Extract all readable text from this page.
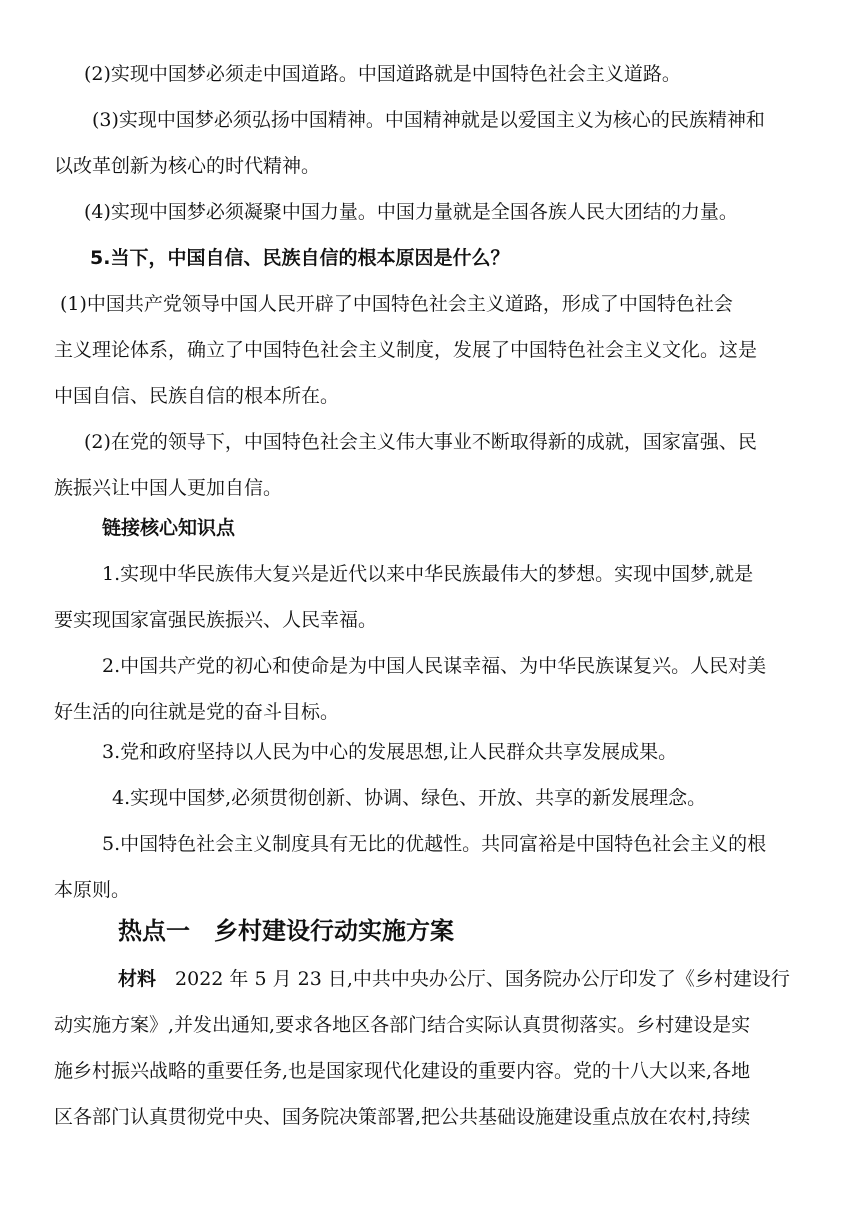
(2)实现中国梦必须走中国道路。中国道路就是中国特色社会主义道路。

(3)实现中国梦必须弘扬中国精神。中国精神就是以爱国主义为核心的民族精神和
以改革创新为核心的时代精神。

(4)实现中国梦必须凝聚中国力量。中国力量就是全国各族人民大团结的力量。

5.当下，中国自信、民族自信的根本原因是什么？

(1)中国共产党领导中国人民开辟了中国特色社会主义道路，形成了中国特色社会
主义理论体系，确立了中国特色社会主义制度，发展了中国特色社会主义文化。这是
中国自信、民族自信的根本所在。

(2)在党的领导下，中国特色社会主义伟大事业不断取得新的成就，国家富强、民
族振兴让中国人更加自信。

链接核心知识点

1.实现中华民族伟大复兴是近代以来中华民族最伟大的梦想。实现中国梦,就是
要实现国家富强民族振兴、人民幸福。

2.中国共产党的初心和使命是为中国人民谋幸福、为中华民族谋复兴。人民对美
好生活的向往就是党的奋斗目标。

3.党和政府坚持以人民为中心的发展思想,让人民群众共享发展成果。

4.实现中国梦,必须贯彻创新、协调、绿色、开放、共享的新发展理念。

5.中国特色社会主义制度具有无比的优越性。共同富裕是中国特色社会主义的根
本原则。

热点一　乡村建设行动实施方案

材料　2022 年 5 月 23 日,中共中央办公厅、国务院办公厅印发了《乡村建设行
动实施方案》,并发出通知,要求各地区各部门结合实际认真贯彻落实。乡村建设是实
施乡村振兴战略的重要任务,也是国家现代化建设的重要内容。党的十八大以来,各地
区各部门认真贯彻党中央、国务院决策部署,把公共基础设施建设重点放在农村,持续
